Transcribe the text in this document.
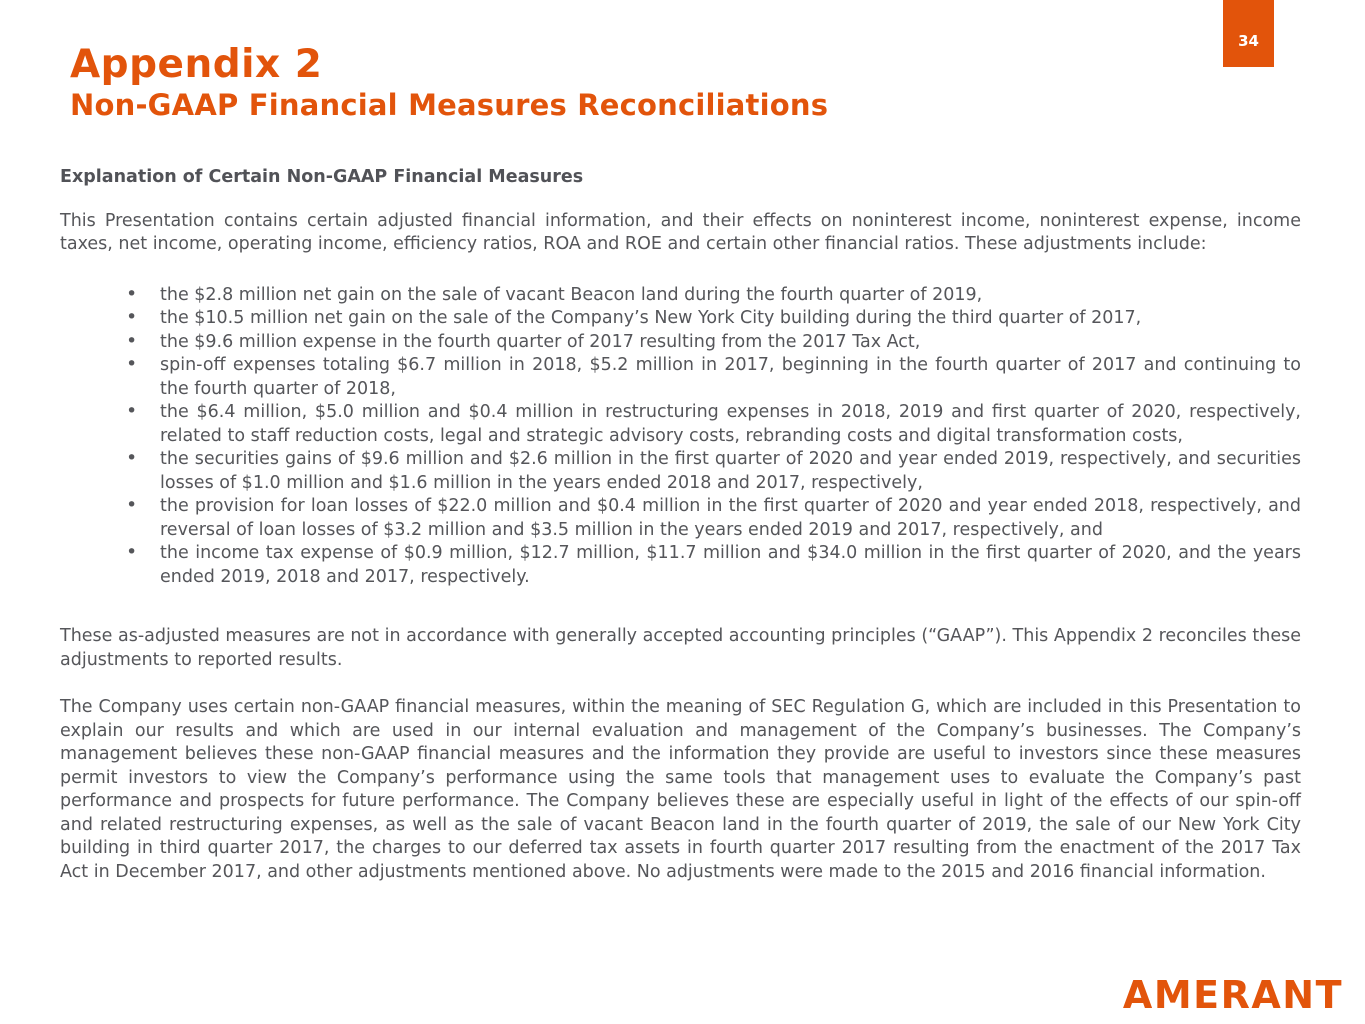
34
Appendix 2
Non-GAAP Financial Measures Reconciliations
Explanation of Certain Non-GAAP Financial Measures

This Presentation contains certain adjusted financial information, and their effects on noninterest income, noninterest expense, income taxes, net income, operating income, efficiency ratios, ROA and ROE and certain other financial ratios. These adjustments include:

• the $2.8 million net gain on the sale of vacant Beacon land during the fourth quarter of 2019,
• the $10.5 million net gain on the sale of the Company’s New York City building during the third quarter of 2017,
• the $9.6 million expense in the fourth quarter of 2017 resulting from the 2017 Tax Act,
• spin-off expenses totaling $6.7 million in 2018, $5.2 million in 2017, beginning in the fourth quarter of 2017 and continuing to the fourth quarter of 2018,
• the $6.4 million, $5.0 million and $0.4 million in restructuring expenses in 2018, 2019 and first quarter of 2020, respectively, related to staff reduction costs, legal and strategic advisory costs, rebranding costs and digital transformation costs,
• the securities gains of $9.6 million and $2.6 million in the first quarter of 2020 and year ended 2019, respectively, and securities losses of $1.0 million and $1.6 million in the years ended 2018 and 2017, respectively,
• the provision for loan losses of $22.0 million and $0.4 million in the first quarter of 2020 and year ended 2018, respectively, and reversal of loan losses of $3.2 million and $3.5 million in the years ended 2019 and 2017, respectively, and
• the income tax expense of $0.9 million, $12.7 million, $11.7 million and $34.0 million in the first quarter of 2020, and the years ended 2019, 2018 and 2017, respectively.

These as-adjusted measures are not in accordance with generally accepted accounting principles (“GAAP”). This Appendix 2 reconciles these adjustments to reported results.

The Company uses certain non-GAAP financial measures, within the meaning of SEC Regulation G, which are included in this Presentation to explain our results and which are used in our internal evaluation and management of the Company’s businesses. The Company’s management believes these non-GAAP financial measures and the information they provide are useful to investors since these measures permit investors to view the Company’s performance using the same tools that management uses to evaluate the Company’s past performance and prospects for future performance. The Company believes these are especially useful in light of the effects of our spin-off and related restructuring expenses, as well as the sale of vacant Beacon land in the fourth quarter of 2019, the sale of our New York City building in third quarter 2017, the charges to our deferred tax assets in fourth quarter 2017 resulting from the enactment of the 2017 Tax Act in December 2017, and other adjustments mentioned above. No adjustments were made to the 2015 and 2016 financial information.

AMERANT
